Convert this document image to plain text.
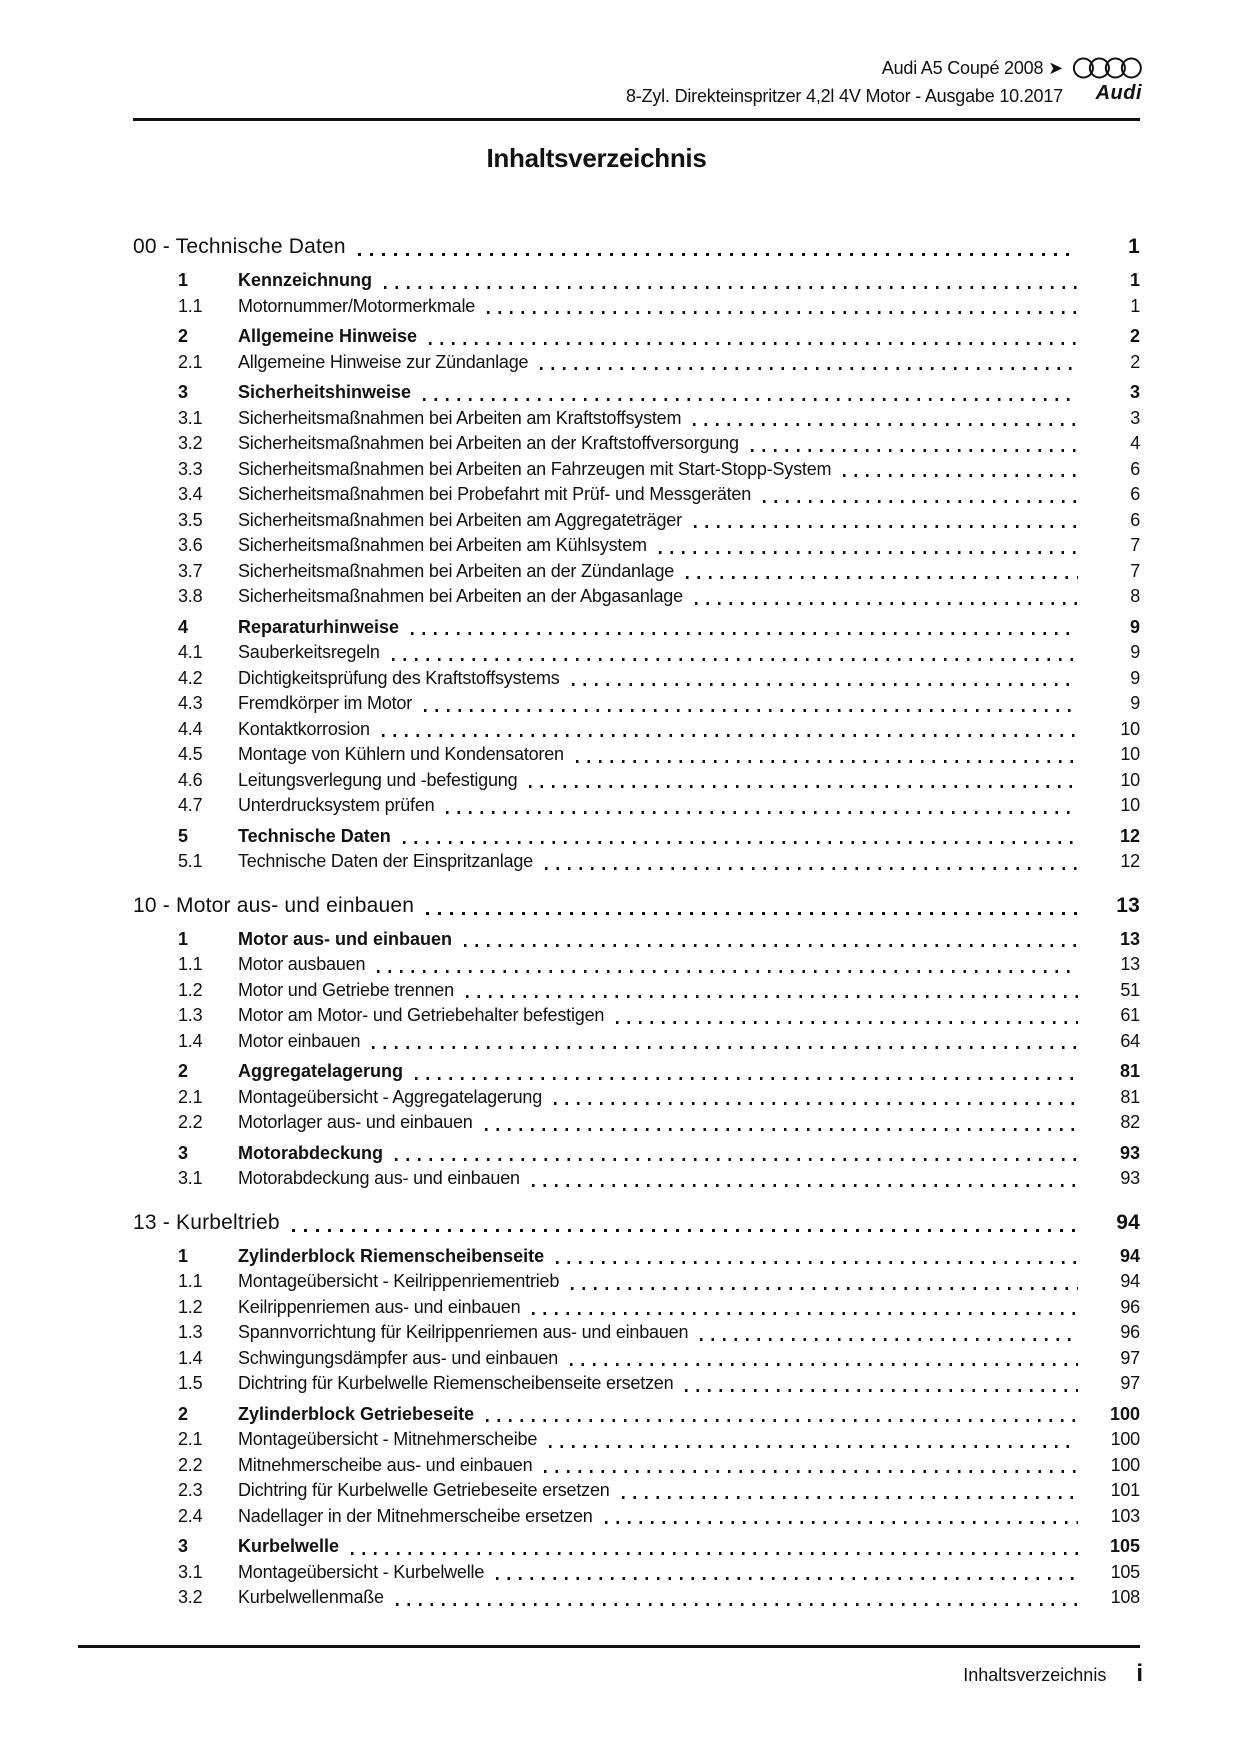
Audi A5 Coupé 2008 ➤
8-Zyl. Direkteinspritzer 4,2l 4V Motor - Ausgabe 10.2017 Audi
Inhaltsverzeichnis
00 - Technische Daten	1
1	Kennzeichnung	1
1.1	Motornummer/Motormerkmale	1
2	Allgemeine Hinweise	2
2.1	Allgemeine Hinweise zur Zündanlage	2
3	Sicherheitshinweise	3
3.1	Sicherheitsmaßnahmen bei Arbeiten am Kraftstoffsystem	3
3.2	Sicherheitsmaßnahmen bei Arbeiten an der Kraftstoffversorgung	4
3.3	Sicherheitsmaßnahmen bei Arbeiten an Fahrzeugen mit Start-Stopp-System	6
3.4	Sicherheitsmaßnahmen bei Probefahrt mit Prüf- und Messgeräten	6
3.5	Sicherheitsmaßnahmen bei Arbeiten am Aggregateträger	6
3.6	Sicherheitsmaßnahmen bei Arbeiten am Kühlsystem	7
3.7	Sicherheitsmaßnahmen bei Arbeiten an der Zündanlage	7
3.8	Sicherheitsmaßnahmen bei Arbeiten an der Abgasanlage	8
4	Reparaturhinweise	9
4.1	Sauberkeitsregeln	9
4.2	Dichtigkeitsprüfung des Kraftstoffsystems	9
4.3	Fremdkörper im Motor	9
4.4	Kontaktkorrosion	10
4.5	Montage von Kühlern und Kondensatoren	10
4.6	Leitungsverlegung und -befestigung	10
4.7	Unterdrucksystem prüfen	10
5	Technische Daten	12
5.1	Technische Daten der Einspritzanlage	12
10 - Motor aus- und einbauen	13
1	Motor aus- und einbauen	13
1.1	Motor ausbauen	13
1.2	Motor und Getriebe trennen	51
1.3	Motor am Motor- und Getriebehalter befestigen	61
1.4	Motor einbauen	64
2	Aggregatelagerung	81
2.1	Montageübersicht - Aggregatelagerung	81
2.2	Motorlager aus- und einbauen	82
3	Motorabdeckung	93
3.1	Motorabdeckung aus- und einbauen	93
13 - Kurbeltrieb	94
1	Zylinderblock Riemenscheibenseite	94
1.1	Montageübersicht - Keilrippenriementrieb	94
1.2	Keilrippenriemen aus- und einbauen	96
1.3	Spannvorrichtung für Keilrippenriemen aus- und einbauen	96
1.4	Schwingungsdämpfer aus- und einbauen	97
1.5	Dichtring für Kurbelwelle Riemenscheibenseite ersetzen	97
2	Zylinderblock Getriebeseite	100
2.1	Montageübersicht - Mitnehmerscheibe	100
2.2	Mitnehmerscheibe aus- und einbauen	100
2.3	Dichtring für Kurbelwelle Getriebeseite ersetzen	101
2.4	Nadellager in der Mitnehmerscheibe ersetzen	103
3	Kurbelwelle	105
3.1	Montageübersicht - Kurbelwelle	105
3.2	Kurbelwellenmaße	108
Inhaltsverzeichnis i
